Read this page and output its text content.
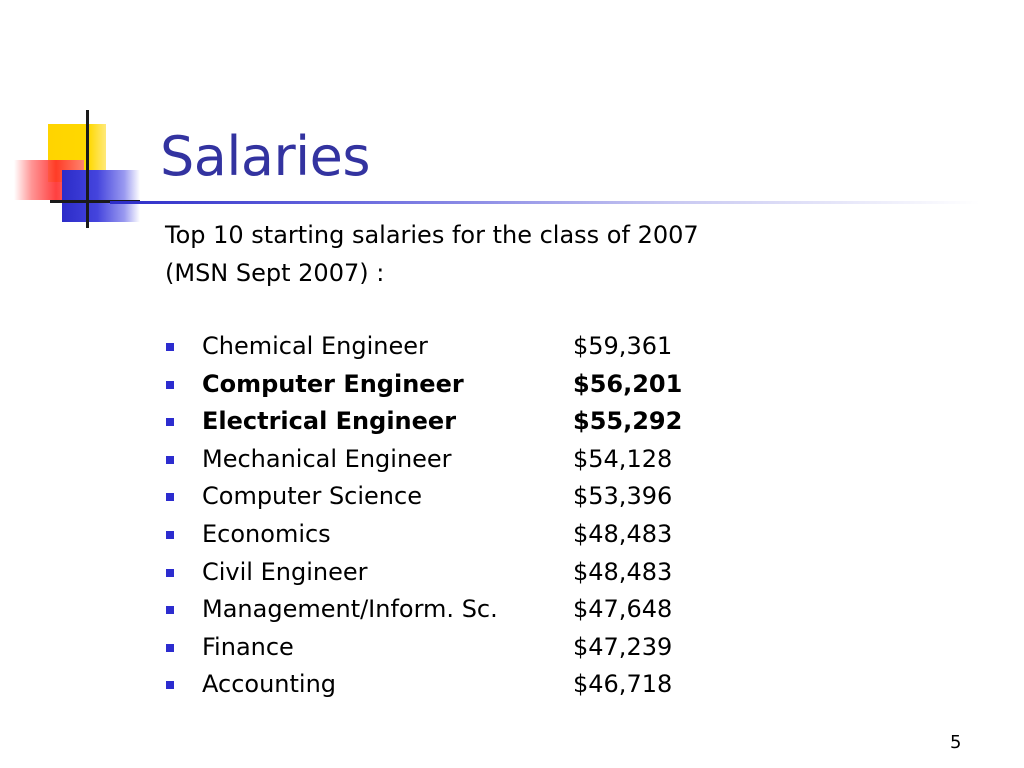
Salaries
Top 10 starting salaries for the class of 2007
(MSN Sept 2007) :
Chemical Engineer	$59,361
Computer Engineer	$56,201
Electrical Engineer	$55,292
Mechanical Engineer	$54,128
Computer Science	$53,396
Economics	$48,483
Civil Engineer	$48,483
Management/Inform. Sc.	$47,648
Finance	$47,239
Accounting	$46,718
5
